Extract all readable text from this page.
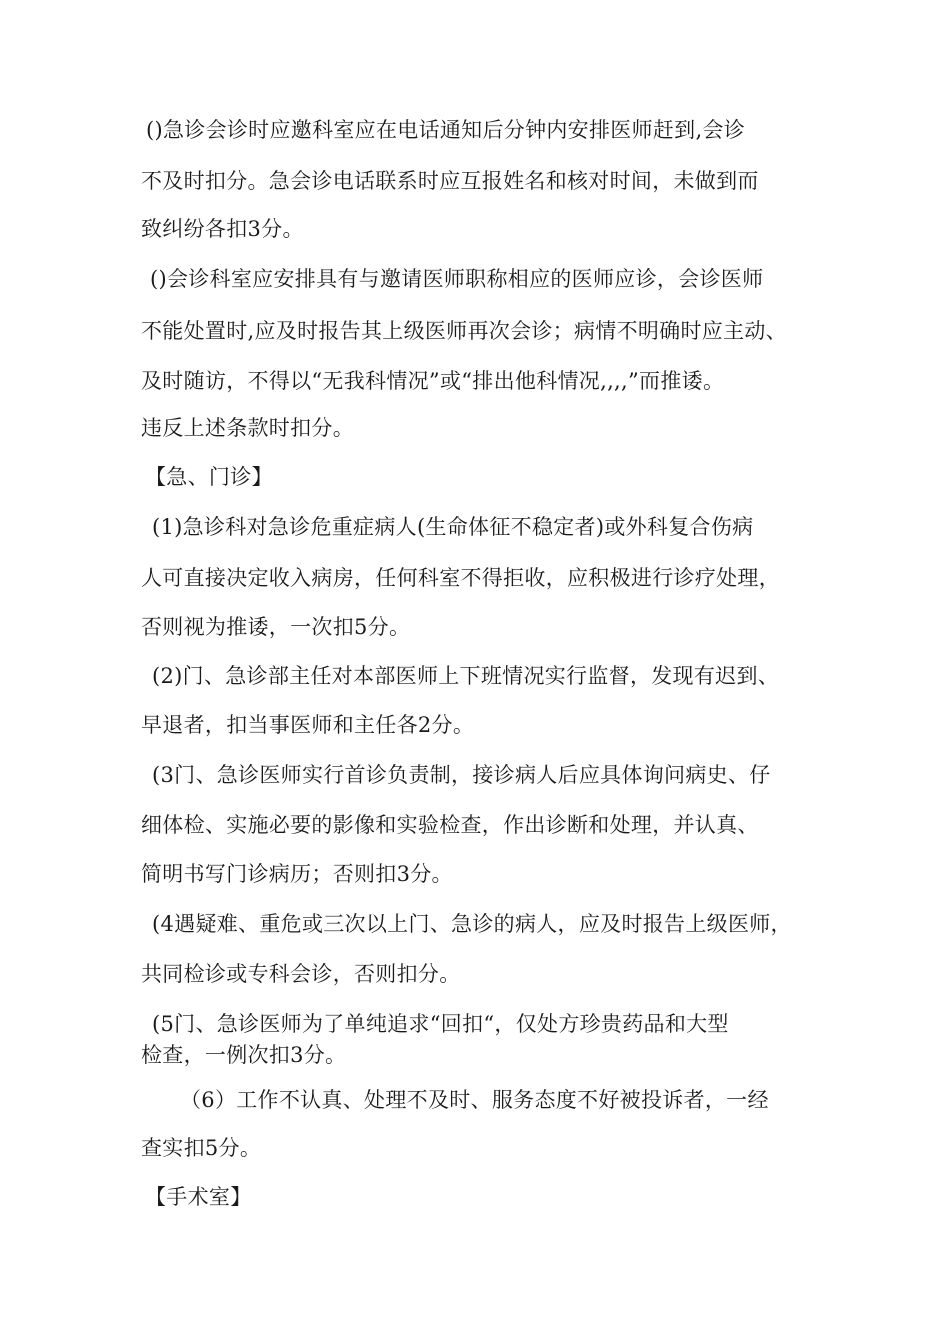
()急诊会诊时应邀科室应在电话通知后分钟内安排医师赶到,会诊
不及时扣分。急会诊电话联系时应互报姓名和核对时间，未做到而
致纠纷各扣3分。
()会诊科室应安排具有与邀请医师职称相应的医师应诊，会诊医师
不能处置时,应及时报告其上级医师再次会诊；病情不明确时应主动、
及时随访，不得以“无我科情况”或“排出他科情况,,,,”而推诿。
违反上述条款时扣分。
【急、门诊】
(1)急诊科对急诊危重症病人(生命体征不稳定者)或外科复合伤病
人可直接决定收入病房，任何科室不得拒收，应积极进行诊疗处理，
否则视为推诿，一次扣5分。
(2)门、急诊部主任对本部医师上下班情况实行监督，发现有迟到、
早退者，扣当事医师和主任各2分。
(3门、急诊医师实行首诊负责制，接诊病人后应具体询问病史、仔
细体检、实施必要的影像和实验检查，作出诊断和处理，并认真、
简明书写门诊病历；否则扣3分。
(4遇疑难、重危或三次以上门、急诊的病人，应及时报告上级医师，
共同检诊或专科会诊，否则扣分。
(5门、急诊医师为了单纯追求“回扣“，仅处方珍贵药品和大型
检查，一例次扣3分。
（6）工作不认真、处理不及时、服务态度不好被投诉者，一经
查实扣5分。
【手术室】
